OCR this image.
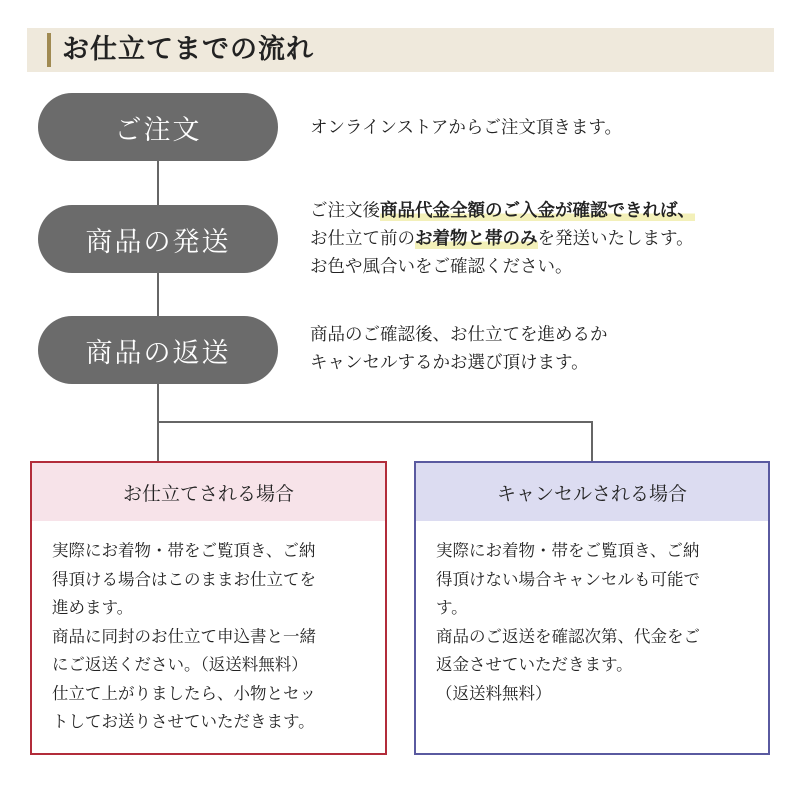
お仕立てまでの流れ
ご注文
商品の発送
商品の返送

オンラインストアからご注文頂きます。

ご注文後商品代金全額のご入金が確認できれば、

お仕立て前のお着物と帯のみを発送いたします。

お色や風合いをご確認ください。

商品のご確認後、お仕立てを進めるか

キャンセルするかお選び頂けます。

お仕立てされる場合

実際にお着物・帯をご覧頂き、ご納

得頂ける場合はこのままお仕立てを

進めます。

商品に同封のお仕立て申込書と一緒

にご返送ください。（返送料無料）

仕立て上がりましたら、小物とセッ

トしてお送りさせていただきます。

キャンセルされる場合

実際にお着物・帯をご覧頂き、ご納

得頂けない場合キャンセルも可能で

す。

商品のご返送を確認次第、代金をご

返金させていただきます。

（返送料無料）
